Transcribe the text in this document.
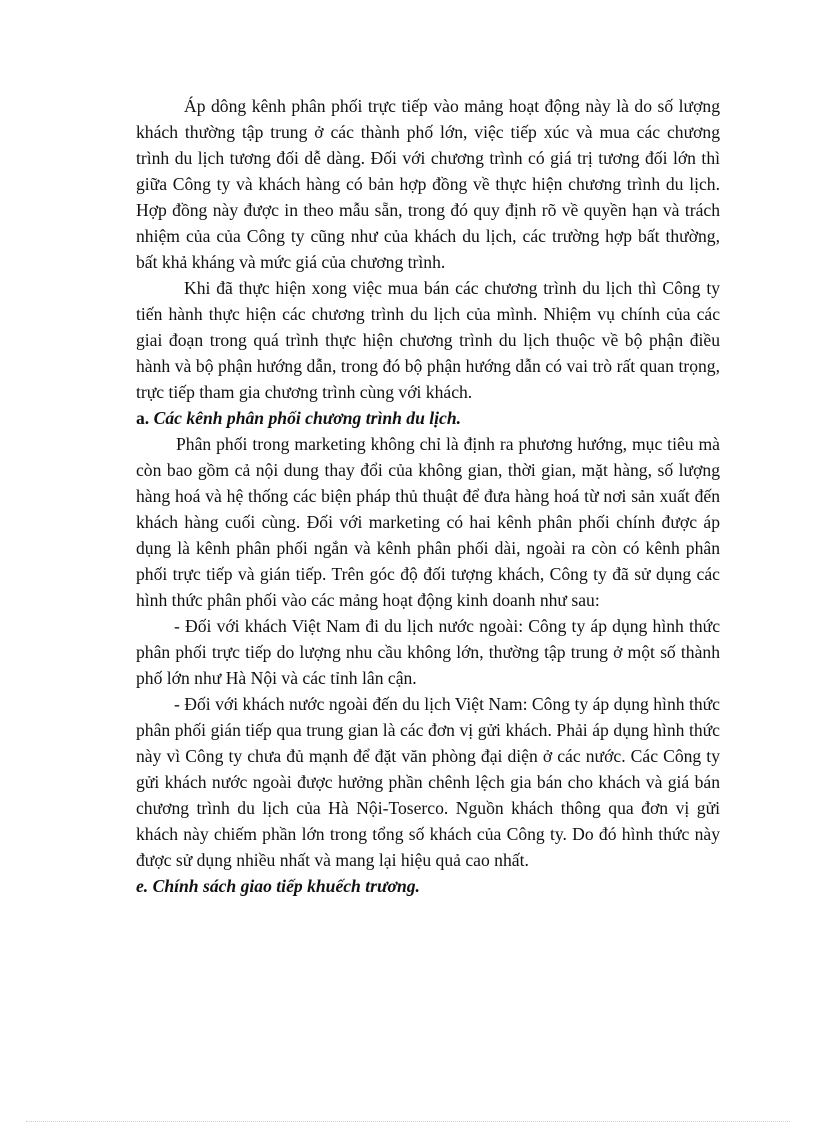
Áp dông kênh phân phối trực tiếp vào mảng hoạt động này là do số lượng khách thường tập trung ở các thành phố lớn, việc tiếp xúc và mua các chương trình du lịch tương đối dễ dàng. Đối với chương trình có giá trị tương đối lớn thì giữa Công ty và khách hàng có bản hợp đồng về thực hiện chương trình du lịch. Hợp đồng này được in theo mẫu sẵn, trong đó quy định rõ về quyền hạn và trách nhiệm của của Công ty cũng như của khách du lịch, các trường hợp bất thường, bất khả kháng và mức giá của chương trình.

Khi đã thực hiện xong việc mua bán các chương trình du lịch thì Công ty tiến hành thực hiện các chương trình du lịch của mình. Nhiệm vụ chính của các giai đoạn trong quá trình thực hiện chương trình du lịch thuộc về bộ phận điều hành và bộ phận hướng dẫn, trong đó bộ phận hướng dẫn có vai trò rất quan trọng, trực tiếp tham gia chương trình cùng với khách.

a. Các kênh phân phối chương trình du lịch.

Phân phối trong marketing không chỉ là định ra phương hướng, mục tiêu mà còn bao gồm cả nội dung thay đổi của không gian, thời gian, mặt hàng, số lượng hàng hoá và hệ thống các biện pháp thủ thuật để đưa hàng hoá từ nơi sản xuất đến khách hàng cuối cùng. Đối với marketing có hai kênh phân phối chính được áp dụng là kênh phân phối ngắn và kênh phân phối dài, ngoài ra còn có kênh phân phối trực tiếp và gián tiếp. Trên góc độ đối tượng khách, Công ty đã sử dụng các hình thức phân phối vào các mảng hoạt động kinh doanh như sau:

- Đối với khách Việt Nam đi du lịch nước ngoài: Công ty áp dụng hình thức phân phối trực tiếp do lượng nhu cầu không lớn, thường tập trung ở một số thành phố lớn như Hà Nội và các tỉnh lân cận.

- Đối với khách nước ngoài đến du lịch Việt Nam: Công ty áp dụng hình thức phân phối gián tiếp qua trung gian là các đơn vị gửi khách. Phải áp dụng hình thức này vì Công ty chưa đủ mạnh để đặt văn phòng đại diện ở các nước. Các Công ty gửi khách nước ngoài được hưởng phần chênh lệch gia bán cho khách và giá bán chương trình du lịch của Hà Nội-Toserco. Nguồn khách thông qua đơn vị gửi khách này chiếm phần lớn trong tổng số khách của Công ty. Do đó hình thức này được sử dụng nhiều nhất và mang lại hiệu quả cao nhất.

e. Chính sách giao tiếp khuếch trương.
